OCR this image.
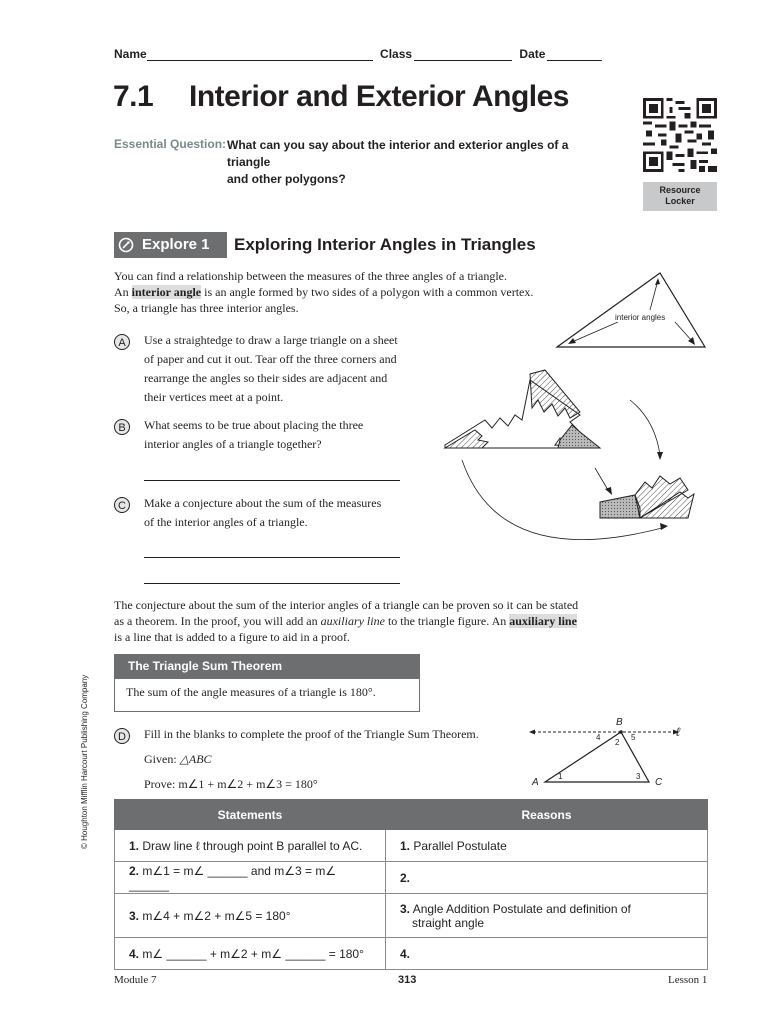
Name	Class	Date
7.1 Interior and Exterior Angles
Essential Question: What can you say about the interior and exterior angles of a triangle
and other polygons?
Resource
Locker
Explore 1	Exploring Interior Angles in Triangles
You can find a relationship between the measures of the three angles of a triangle.
An interior angle is an angle formed by two sides of a polygon with a common vertex.
So, a triangle has three interior angles.
interior angles
A	Use a straightedge to draw a large triangle on a sheet
of paper and cut it out. Tear off the three corners and
rearrange the angles so their sides are adjacent and
their vertices meet at a point.
B	What seems to be true about placing the three
interior angles of a triangle together?
C	Make a conjecture about the sum of the measures
of the interior angles of a triangle.
The conjecture about the sum of the interior angles of a triangle can be proven so it can be stated
as a theorem. In the proof, you will add an auxiliary line to the triangle figure. An auxiliary line
is a line that is added to a figure to aid in a proof.
The Triangle Sum Theorem
The sum of the angle measures of a triangle is 180°.
D	Fill in the blanks to complete the proof of the Triangle Sum Theorem.
Given: △ABC
Prove: m∠1 + m∠2 + m∠3 = 180°
B
ℓ
A	C
1
2
3
4	5
Statements	Reasons
1. Draw line ℓ through point B parallel to AC.	1. Parallel Postulate
2. m∠1 = m∠ ______ and m∠3 = m∠ ______	2.
3. m∠4 + m∠2 + m∠5 = 180°	3. Angle Addition Postulate and definition of
straight angle

4. m∠ ______ + m∠2 + m∠ ______ = 180°	4.
© Houghton Mifflin Harcourt Publishing Company
Module 7	313	Lesson 1
